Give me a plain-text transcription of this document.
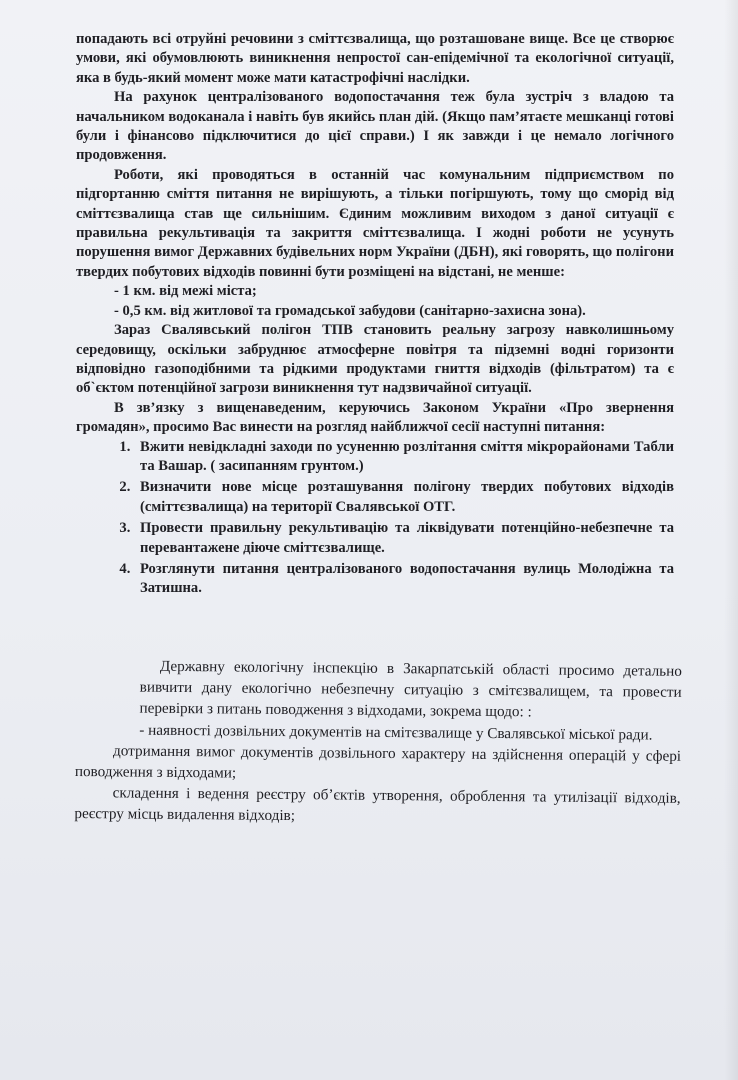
попадають всі отруйні речовини з сміттєзвалища, що розташоване вище. Все це створює умови, які обумовлюють виникнення непростої сан-епідемічної та екологічної ситуації, яка в будь-який момент може мати катастрофічні наслідки.

На рахунок централізованого водопостачання теж була зустріч з владою та начальником водоканала і навіть був якийсь план дій. (Якщо пам’ятаєте мешканці готові були і фінансово підключитися до цієї справи.) І як завжди і це немало логічного продовження.

Роботи, які проводяться в останній час комунальним підприємством по підгортанню сміття питання не вирішують, а тільки погіршують, тому що сморід від сміттєзвалища став ще сильнішим. Єдиним можливим виходом з даної ситуації є правильна рекультивація та закриття сміттєзвалища. І жодні роботи не усунуть порушення вимог Державних будівельних норм України (ДБН), які говорять, що полігони твердих побутових відходів повинні бути розміщені на відстані, не менше:

- 1 км. від межі міста;

- 0,5 км. від житлової та громадської забудови (санітарно-захисна зона).

Зараз Свалявський полігон ТПВ становить реальну загрозу навколишньому середовищу, оскільки забруднює атмосферне повітря та підземні водні горизонти відповідно газоподібними та рідкими продуктами гниття відходів (фільтратом) та є об`єктом потенційної загрози виникнення тут надзвичайної ситуації.

В зв’язку з вищенаведеним, керуючись Законом України «Про звернення громадян», просимо Вас винести на розгляд найближчої сесії наступні питання:

1. Вжити невідкладні заходи по усуненню розлітання сміття мікрорайонами Табли та Вашар. ( засипанням грунтом.)
2. Визначити нове місце розташування полігону твердих побутових відходів (сміттєзвалища) на території Свалявської ОТГ.
3. Провести правильну рекультивацію та ліквідувати потенційно-небезпечне та перевантажене діюче сміттєзвалище.
4. Розглянути питання централізованого водопостачання вулиць Молодіжна та Затишна.

Державну екологічну інспекцію в Закарпатській області просимо детально вивчити дану екологічно небезпечну ситуацію з смітєзвалищем, та провести перевірки з питань поводження з відходами, зокрема щодо: :

- наявності дозвільних документів на смітєзвалище у Свалявської міської ради.

дотримання вимог документів дозвільного характеру на здійснення операцій у сфері поводження з відходами;

складення і ведення реєстру об’єктів утворення, оброблення та утилізації відходів, реєстру місць видалення відходів;
